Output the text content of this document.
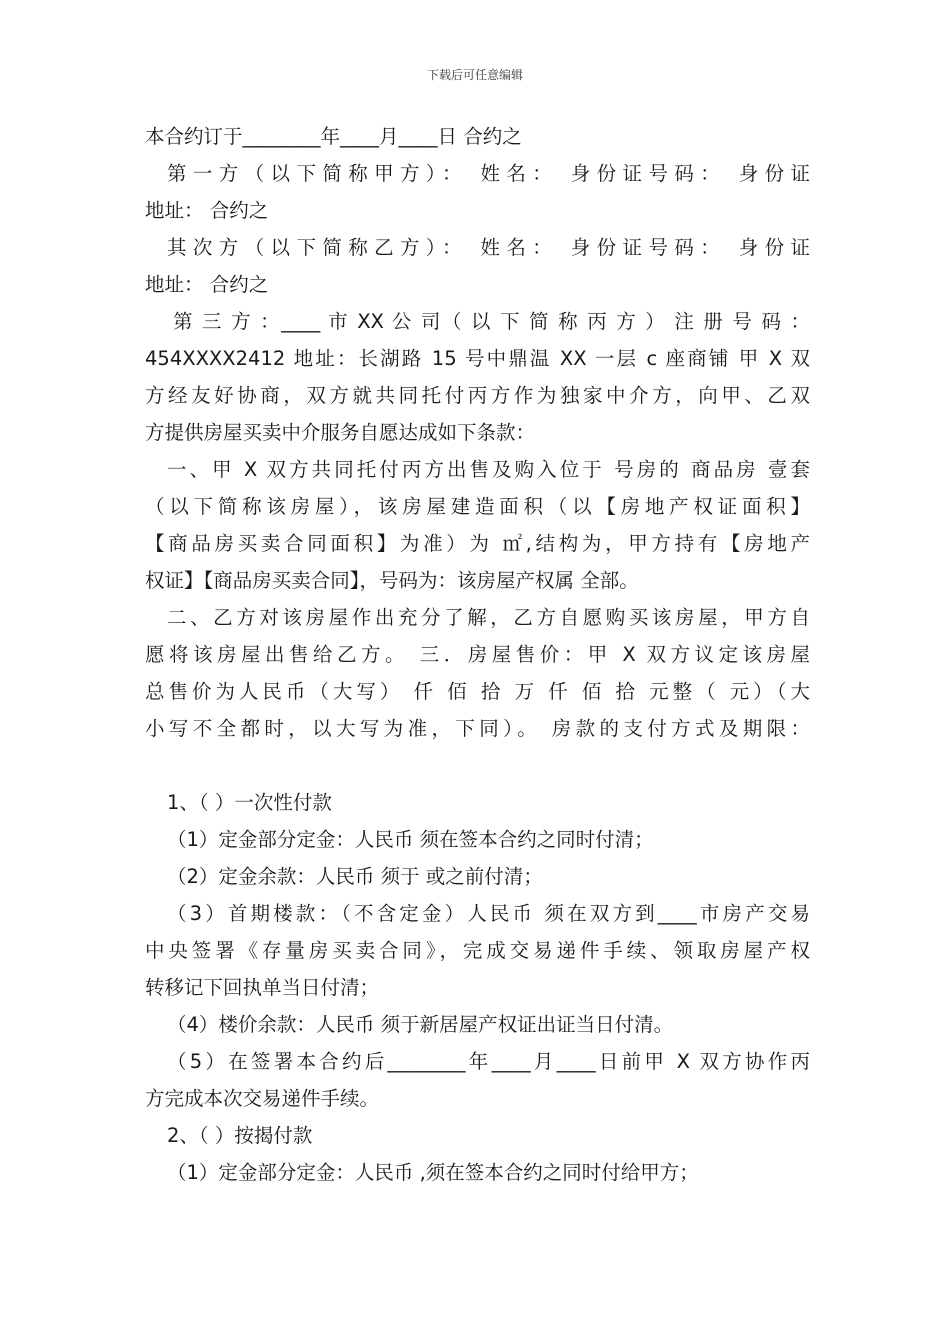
下载后可任意编辑
本合约订于________年____月____日 合约之
第一方（以下简称甲方）： 姓名： 身份证号码： 身份证
地址： 合约之
其次方（以下简称乙方）： 姓名： 身份证号码： 身份证
地址： 合约之
第 三 方 ：____ 市 XX 公 司（ 以 下 简 称 丙 方 ） 注 册 号 码 ：
454XXXX2412 地址：长湖路 15 号中鼎温 XX 一层 c 座商铺 甲 X 双
方经友好协商，双方就共同托付丙方作为独家中介方，向甲、乙双
方提供房屋买卖中介服务自愿达成如下条款：
一、甲 X 双方共同托付丙方出售及购入位于 号房的 商品房 壹套
（以下简称该房屋），该房屋建造面积（以【房地产权证面积】
【商品房买卖合同面积】为准）为 ㎡,结构为，甲方持有【房地产
权证】【商品房买卖合同】，号码为：该房屋产权属 全部。
二、乙方对该房屋作出充分了解，乙方自愿购买该房屋，甲方自
愿将该房屋出售给乙方。 三．房屋售价：甲 X 双方议定该房屋
总售价为人民币（大写） 仟 佰 拾 万 仟 佰 拾 元整（ 元）（大
小写不全都时，以大写为准，下同）。 房款的支付方式及期限：
1、（ ）一次性付款
（1）定金部分定金：人民币 须在签本合约之同时付清；
（2）定金余款：人民币 须于 或之前付清；
（3）首期楼款：（不含定金）人民币 须在双方到____市房产交易
中央签署《存量房买卖合同》，完成交易递件手续、领取房屋产权
转移记下回执单当日付清；
（4）楼价余款：人民币 须于新居屋产权证出证当日付清。
（5）在签署本合约后________年____月____日前甲 X 双方协作丙
方完成本次交易递件手续。
2、（ ）按揭付款
（1）定金部分定金：人民币 ,须在签本合约之同时付给甲方；
